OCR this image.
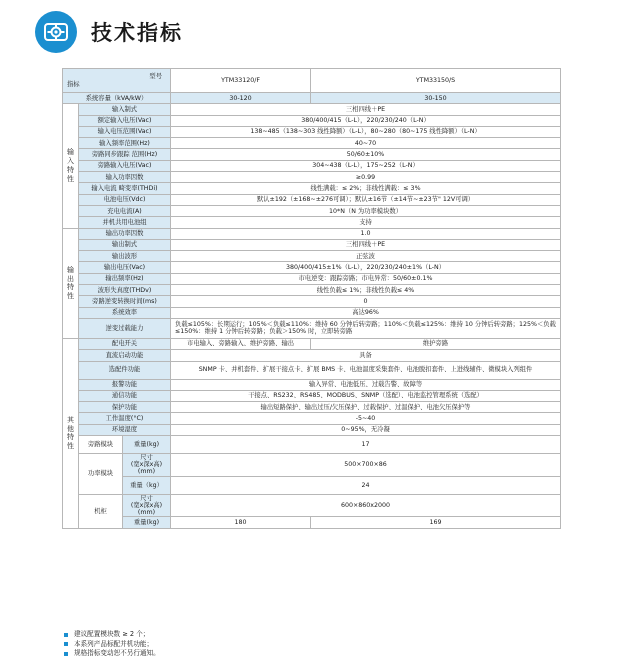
技术指标
型号
指标			YTM33120/F	YTM33150/S

系统容量（kVA/kW）			30-120	30-150
输
入
特
性	输入制式		三相四线＋PE	
	额定输入电压(Vac)		380/400/415（L-L），220/230/240（L-N）	
	输入电压范围(Vac)		138~485（138~303 线性降额）（L-L），80~280（80~175 线性降额）（L-N）	
	输入频率范围(Hz)		40~70	
	旁路同步跟踪 范围(Hz)		50/60±10%	
	旁路输入电压(Vac)		304~438（L-L），175~252（L-N）	
	输入功率因数		≥0.99	
	输入电流 畸变率(THDi)		线性满载：≤ 2%；非线性满载：≤ 3%	
	电池电压(Vdc)		默认±192（±168~±276可调）；默认±16节（±14节~±23节" 12V可调）	
	充电电流(A)		10*N（N 为功率模块数）	
	并机共用电池组		支持	
输
出
特
性	输出功率因数		1.0	
	输出制式		三相四线＋PE	
	输出波形		正弦波	
	输出电压(Vac)		380/400/415±1%（L-L），220/230/240±1%（L-N）	
	输出频率(Hz)		市电逆变：跟踪旁路；市电异常：50/60±0.1%	
	波形失真度(THDv)		线性负载≤ 1%；非线性负载≤ 4%	
	旁路逆变转换时间(ms)		0	
	系统效率		高达96%	
	逆变过载能力		负载≤105%：长期运行；105%＜负载≤110%：维持 60 分钟后转旁路；110%＜负载≤125%：维持 10 分钟后转旁路；125%＜负载≤150%：维持 1 分钟后转旁路；负载＞150% 时，立即转旁路	
其
他
特
性	配电开关		市电输入、旁路输入、维护旁路、输出	维护旁路
	直流启动功能		具备	
	选配件功能		SNMP 卡、并机套件、扩展干接点卡、扩展 BMS 卡、电池温度采集套件、电池脱扣套件、上进线辅件、微模块入列组件	
	报警功能		输入异常、电池低压、过载告警、故障等	
	通信功能		干接点、RS232、RS485、MODBUS、SNMP（选配）、电池监控管理系统（选配）	
	保护功能		输出短路保护、输出过压/欠压保护、过载保护、过温保护、电池欠压保护等	
	工作温度(°C)		-5~40	
	环境湿度		0~95%，无冷凝	
	旁路模块	重量(kg)	17	
	功率模块	尺寸
(宽x深x高)(mm)	500×700×86	
		重量（kg）	24	
	机柜	尺寸
(宽x深x高)(mm)	600×860x2000	
		重量(kg)	180	169
建议配置模块数 ≥ 2 个；
本系列产品标配并机功能；
规格指标变动恕不另行通知。
